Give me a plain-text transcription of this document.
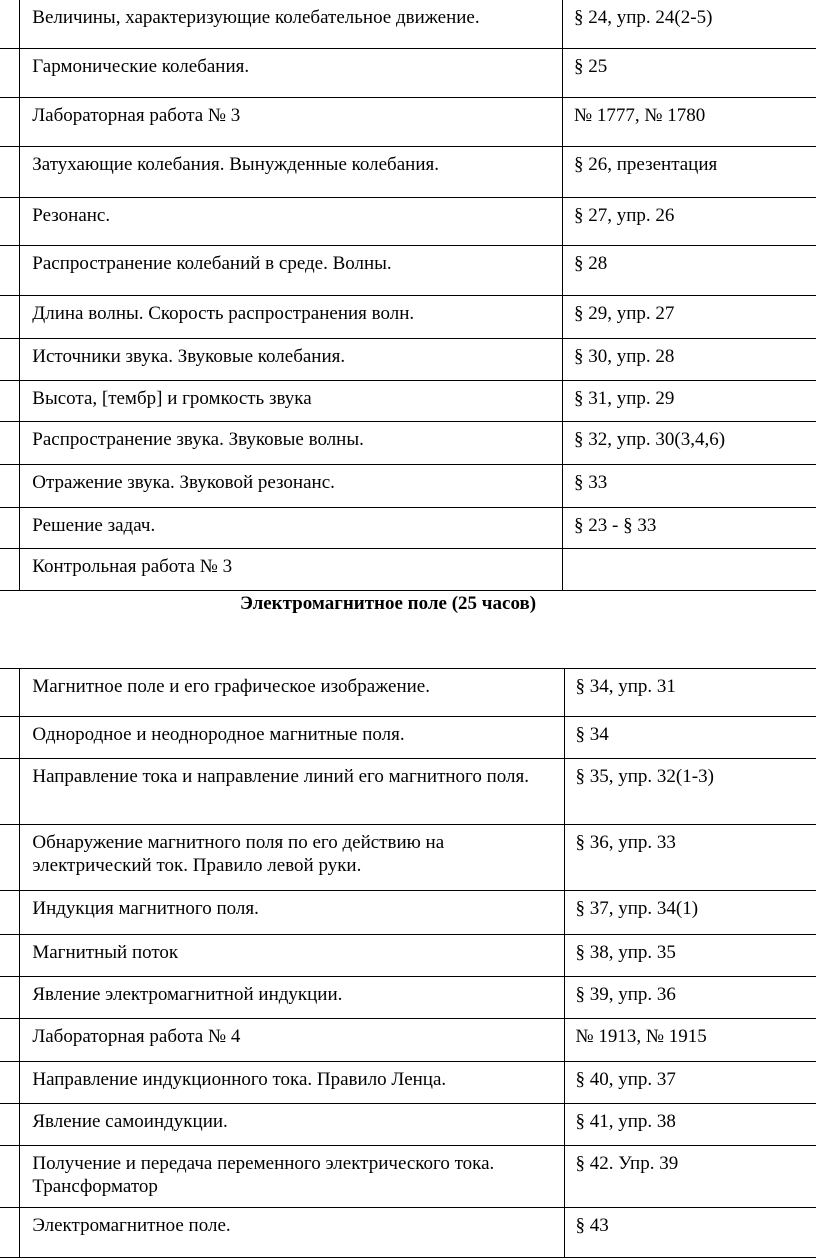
	Величины, характеризующие колебательное движение.	§ 24, упр. 24(2-5)
	Гармонические колебания.	§ 25
	Лабораторная работа № 3	№ 1777, № 1780
	Затухающие колебания. Вынужденные колебания.	§ 26, презентация
	Резонанс.	§ 27, упр. 26
	Распространение колебаний в среде. Волны.	§ 28
	Длина волны. Скорость распространения волн.	§ 29, упр. 27
	Источники звука. Звуковые колебания.	§ 30, упр. 28
	Высота, [тембр] и громкость звука	§ 31, упр. 29
	Распространение звука. Звуковые волны.	§ 32, упр. 30(3,4,6)
	Отражение звука. Звуковой резонанс.	§ 33
	Решение задач.	§ 23 - § 33
	Контрольная работа № 3	
Электромагнитное поле (25 часов)
	Магнитное поле и его графическое изображение.	§ 34, упр. 31
	Однородное и неоднородное магнитные поля.	§ 34
	Направление тока и направление линий его магнитного поля.	§ 35, упр. 32(1-3)
	Обнаружение магнитного поля по его действию на электрический ток. Правило левой руки.	§ 36, упр. 33
	Индукция магнитного поля.	§ 37, упр. 34(1)
	Магнитный поток	§ 38, упр. 35
	Явление электромагнитной индукции.	§ 39, упр. 36
	Лабораторная работа № 4	№ 1913, № 1915
	Направление индукционного тока. Правило Ленца.	§ 40, упр. 37
	Явление самоиндукции.	§ 41, упр. 38
	Получение и передача переменного электрического тока. Трансформатор	§ 42. Упр. 39
	Электромагнитное поле.	§ 43
